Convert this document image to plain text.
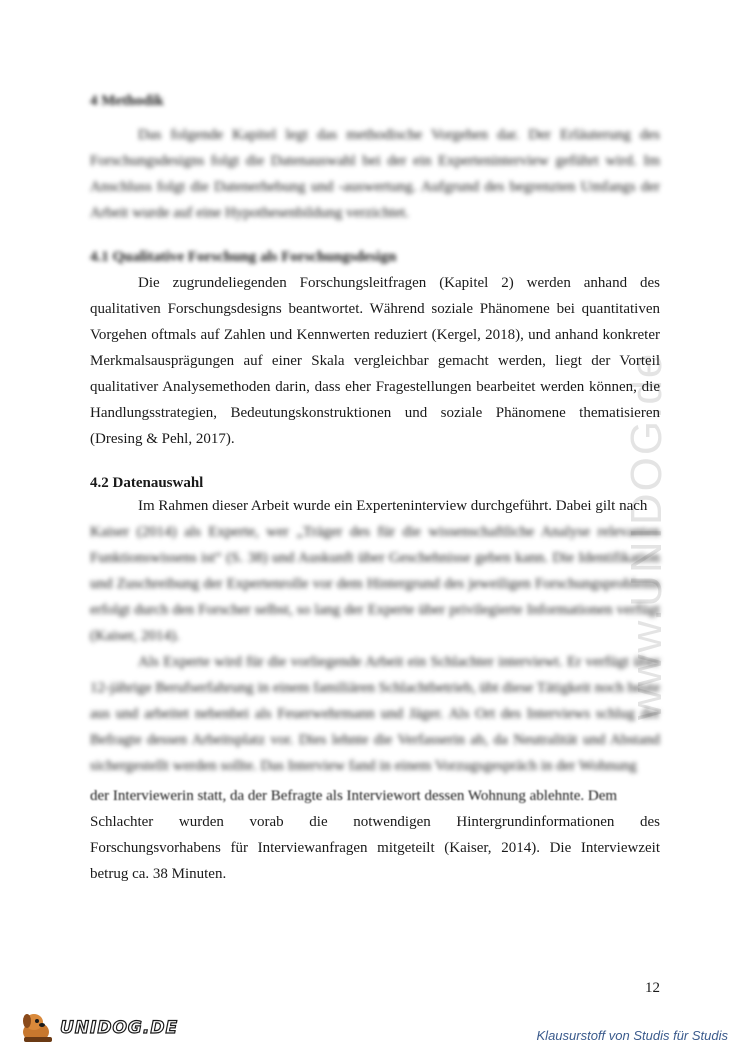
www.UNIDOG.de
4 Methodik

Das folgende Kapitel legt das methodische Vorgehen dar. Der Erläuterung des Forschungsdesigns folgt die Datenauswahl bei der ein Experteninterview geführt wird. Im Anschluss folgt die Datenerhebung und -auswertung. Aufgrund des begrenzten Umfangs der Arbeit wurde auf eine Hypothesenbildung verzichtet.

4.1 Qualitative Forschung als Forschungsdesign

Die zugrundeliegenden Forschungsleitfragen (Kapitel 2) werden anhand des qualitativen Forschungsdesigns beantwortet. Während soziale Phänomene bei quantitativen Vorgehen oftmals auf Zahlen und Kennwerten reduziert (Kergel, 2018), und anhand konkreter Merkmalsausprägungen auf einer Skala vergleichbar gemacht werden, liegt der Vorteil qualitativer Analysemethoden darin, dass eher Fragestellungen bearbeitet werden können, die Handlungsstrategien, Bedeutungskonstruktionen und soziale Phänomene thematisieren (Dresing & Pehl, 2017).

4.2 Datenauswahl

Im Rahmen dieser Arbeit wurde ein Experteninterview durchgeführt. Dabei gilt nach

Kaiser (2014) als Experte, wer „Träger des für die wissenschaftliche Analyse relevanten Funktionswissens ist“ (S. 38) und Auskunft über Geschehnisse geben kann. Die Identifikation und Zuschreibung der Expertenrolle vor dem Hintergrund des jeweiligen Forschungsproblems erfolgt durch den Forscher selbst, so lang der Experte über privilegierte Informationen verfügt (Kaiser, 2014).

Als Experte wird für die vorliegende Arbeit ein Schlachter interviewt. Er verfügt über 12-jährige Berufserfahrung in einem familiären Schlachtbetrieb, übt diese Tätigkeit noch heute aus und arbeitet nebenbei als Feuerwehrmann und Jäger. Als Ort des Interviews schlug der Befragte dessen Arbeitsplatz vor. Dies lehnte die Verfasserin ab, da Neutralität und Abstand sichergestellt werden sollte. Das Interview fand in einem Vorzugsgespräch in der Wohnung

der Interviewerin statt, da der Befragte als Interviewort dessen Wohnung ablehnte. Dem

Schlachter wurden vorab die notwendigen Hintergrundinformationen des Forschungsvorhabens für Interviewanfragen mitgeteilt (Kaiser, 2014). Die Interviewzeit betrug ca. 38 Minuten.

12
UNIDOG.DE	Klausurstoff von Studis für Studis
